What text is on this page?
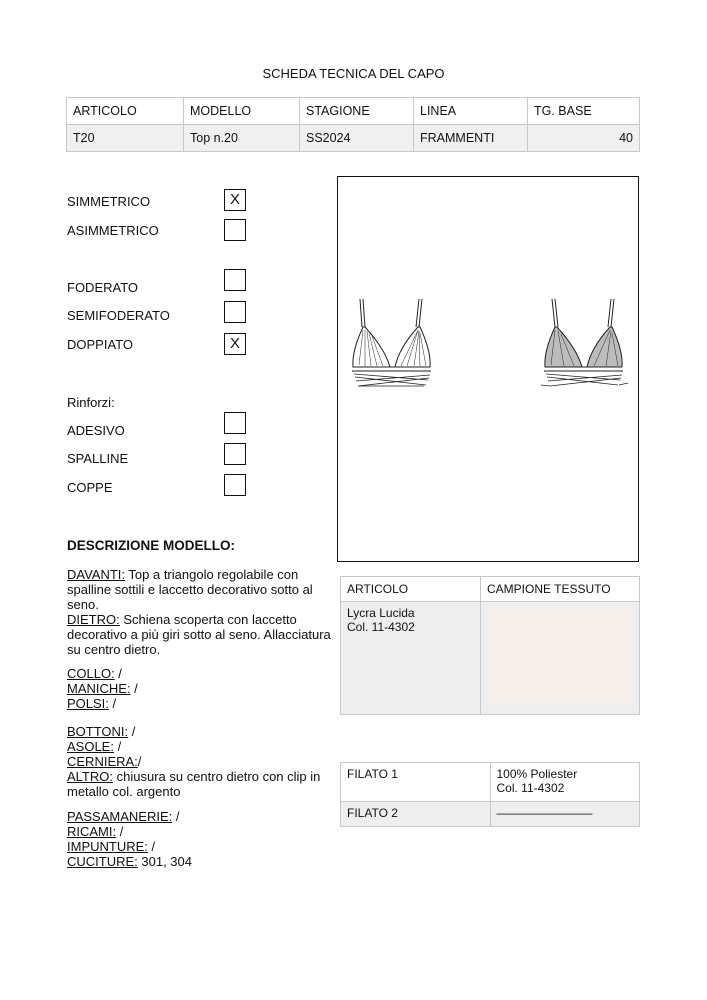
SCHEDA TECNICA DEL CAPO
ARTICOLO	MODELLO	STAGIONE	LINEA	TG. BASE
T20	Top n.20	SS2024	FRAMMENTI	40
SIMMETRICO	X
ASIMMETRICO
FODERATO
SEMIFODERATO
DOPPIATO	X
Rinforzi:
ADESIVO
SPALLINE
COPPE
DESCRIZIONE MODELLO:
DAVANTI: Top a triangolo regolabile con spalline sottili e laccetto decorativo sotto al seno.
DIETRO: Schiena scoperta con laccetto decorativo a più giri sotto al seno. Allacciatura su centro dietro.
COLLO: /
MANICHE: /
POLSI: /
BOTTONI: /
ASOLE: /
CERNIERA:/
ALTRO: chiusura su centro dietro con clip in metallo col. argento
PASSAMANERIE: /
RICAMI: /
IMPUNTURE: /
CUCITURE: 301, 304
ARTICOLO	CAMPIONE TESSUTO
Lycra Lucida
Col. 11-4302	
FILATO 1	100% Poliester
Col. 11-4302
FILATO 2	————————
